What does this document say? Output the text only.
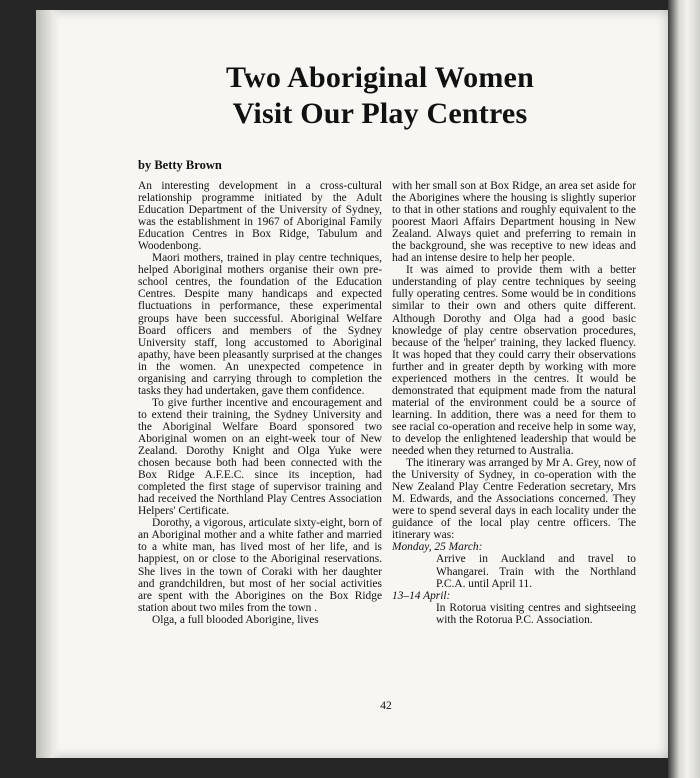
Two Aboriginal Women
Visit Our Play Centres
by Betty Brown

An interesting development in a cross-cultural relationship programme initiated by the Adult Education Department of the University of Sydney, was the establishment in 1967 of Aboriginal Family Education Centres in Box Ridge, Tabulum and Woodenbong.

Maori mothers, trained in play centre techniques, helped Aboriginal mothers organise their own pre-school centres, the foundation of the Education Centres. Despite many handicaps and expected fluctuations in performance, these experimental groups have been successful. Aboriginal Welfare Board officers and members of the Sydney University staff, long accustomed to Aboriginal apathy, have been pleasantly surprised at the changes in the women. An unexpected competence in organising and carrying through to completion the tasks they had undertaken, gave them confidence.

To give further incentive and encouragement and to extend their training, the Sydney University and the Aboriginal Welfare Board sponsored two Aboriginal women on an eight-week tour of New Zealand. Dorothy Knight and Olga Yuke were chosen because both had been connected with the Box Ridge A.F.E.C. since its inception, had completed the first stage of supervisor training and had received the Northland Play Centres Association Helpers' Certificate.

Dorothy, a vigorous, articulate sixty-eight, born of an Aboriginal mother and a white father and married to a white man, has lived most of her life, and is happiest, on or close to the Aboriginal reservations. She lives in the town of Coraki with her daughter and grandchildren, but most of her social activities are spent with the Aborigines on the Box Ridge station about two miles from the town .

Olga, a full blooded Aborigine, lives

with her small son at Box Ridge, an area set aside for the Aborigines where the housing is slightly superior to that in other stations and roughly equivalent to the poorest Maori Affairs Department housing in New Zealand. Always quiet and preferring to remain in the background, she was receptive to new ideas and had an intense desire to help her people.

It was aimed to provide them with a better understanding of play centre techniques by seeing fully operating centres. Some would be in conditions similar to their own and others quite different. Although Dorothy and Olga had a good basic knowledge of play centre observation procedures, because of the 'helper' training, they lacked fluency. It was hoped that they could carry their observations further and in greater depth by working with more experienced mothers in the centres. It would be demonstrated that equipment made from the natural material of the environment could be a source of learning. In addition, there was a need for them to see racial co-operation and receive help in some way, to develop the enlightened leadership that would be needed when they returned to Australia.

The itinerary was arranged by Mr A. Grey, now of the University of Sydney, in co-operation with the New Zealand Play Centre Federation secretary, Mrs M. Edwards, and the Associations concerned. They were to spend several days in each locality under the guidance of the local play centre officers. The itinerary was:

Monday, 25 March:
Arrive in Auckland and travel to Whangarei. Train with the Northland P.C.A. until April 11.
13–14 April:
In Rotorua visiting centres and sightseeing with the Rotorua P.C. Association.
42
